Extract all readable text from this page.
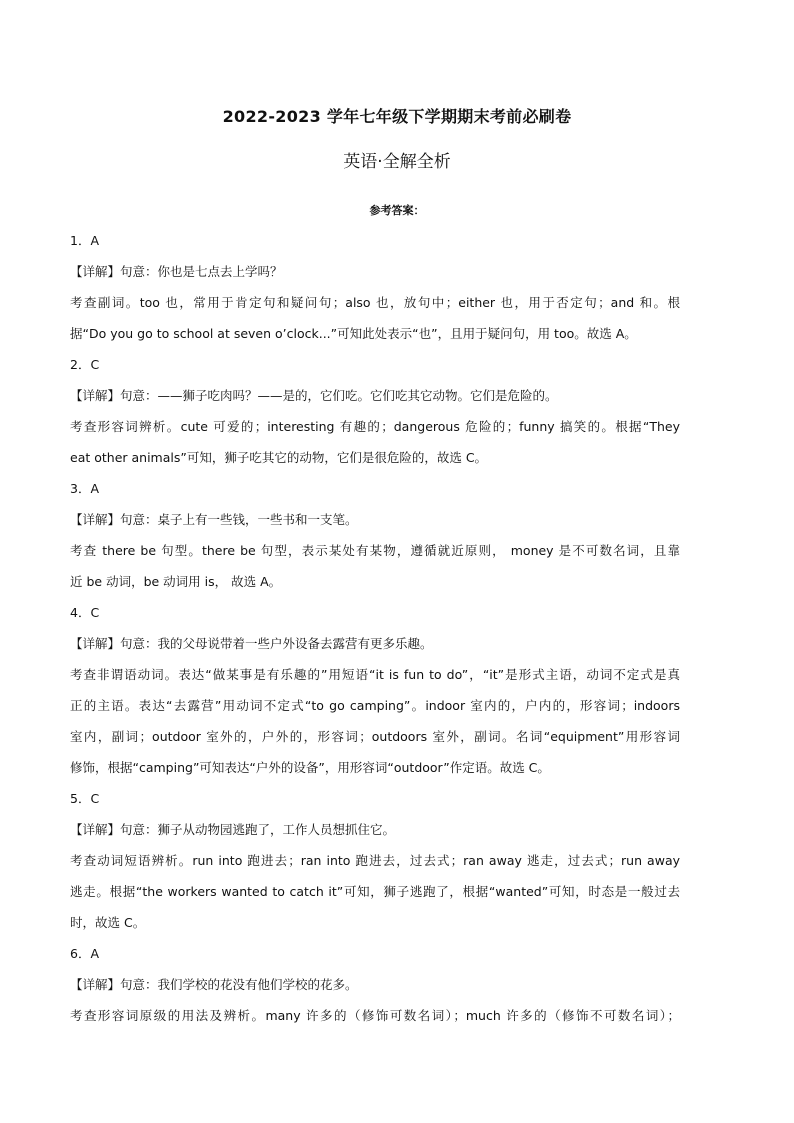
2022-2023 学年七年级下学期期末考前必刷卷
英语·全解全析
参考答案：
1．A
【详解】句意：你也是七点去上学吗？
考查副词。too 也，常用于肯定句和疑问句；also 也，放句中；either 也，用于否定句；and 和。根
据“Do you go to school at seven o’clock...”可知此处表示“也”，且用于疑问句，用 too。故选 A。
2．C
【详解】句意：——狮子吃肉吗？——是的，它们吃。它们吃其它动物。它们是危险的。
考查形容词辨析。cute 可爱的；interesting 有趣的；dangerous 危险的；funny 搞笑的。根据“They
eat other animals”可知，狮子吃其它的动物，它们是很危险的，故选 C。
3．A
【详解】句意：桌子上有一些钱，一些书和一支笔。
考查 there be 句型。there be 句型，表示某处有某物，遵循就近原则， money 是不可数名词，且靠
近 be 动词，be 动词用 is， 故选 A。
4．C
【详解】句意：我的父母说带着一些户外设备去露营有更多乐趣。
考查非谓语动词。表达“做某事是有乐趣的”用短语“it is fun to do”，“it”是形式主语，动词不定式是真
正的主语。表达“去露营”用动词不定式“to go camping”。indoor 室内的，户内的，形容词；indoors
室内，副词；outdoor 室外的，户外的，形容词；outdoors 室外，副词。名词“equipment”用形容词
修饰，根据“camping”可知表达“户外的设备”，用形容词“outdoor”作定语。故选 C。
5．C
【详解】句意：狮子从动物园逃跑了，工作人员想抓住它。
考查动词短语辨析。run into 跑进去；ran into 跑进去，过去式；ran away 逃走，过去式；run away
逃走。根据“the workers wanted to catch it”可知，狮子逃跑了，根据“wanted”可知，时态是一般过去
时，故选 C。
6．A
【详解】句意：我们学校的花没有他们学校的花多。
考查形容词原级的用法及辨析。many 许多的（修饰可数名词）；much 许多的（修饰不可数名词）；
